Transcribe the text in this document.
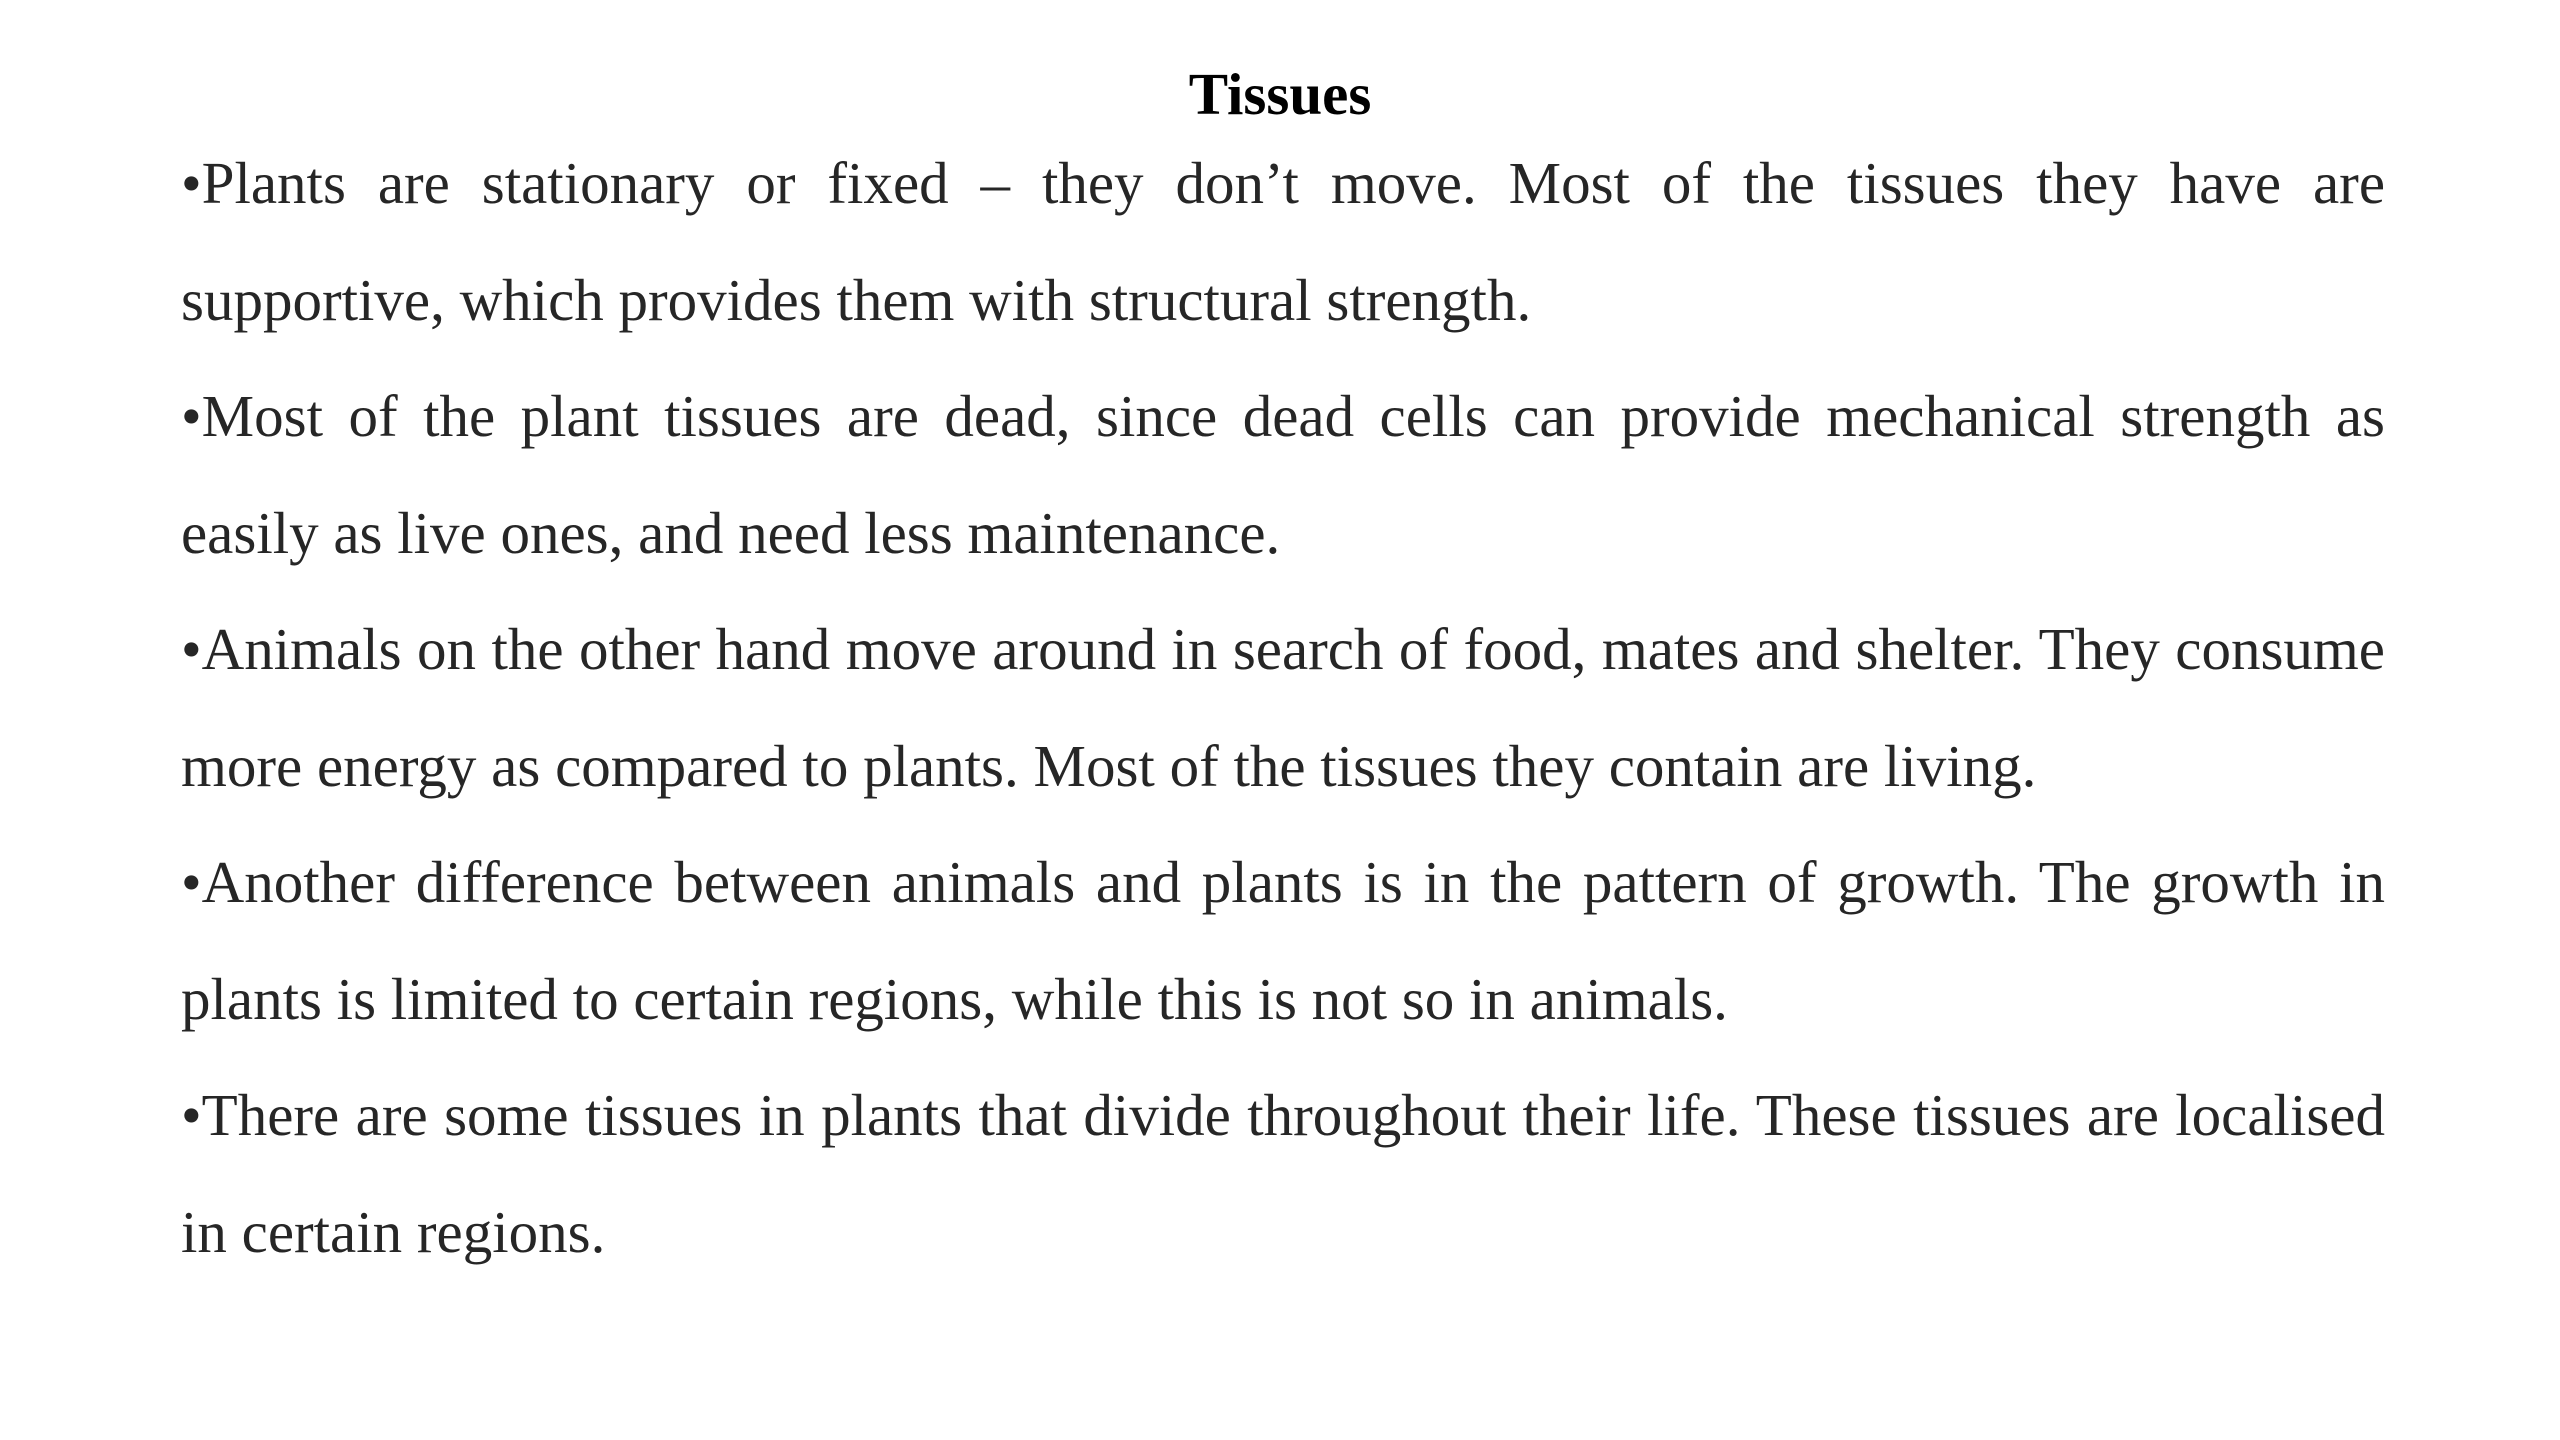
Tissues

•Plants are stationary or fixed – they don’t move. Most of the tissues they have are supportive, which provides them with structural strength.

•Most of the plant tissues are dead, since dead cells can provide mechanical strength as easily as live ones, and need less maintenance.

•Animals on the other hand move around in search of food, mates and shelter. They consume more energy as compared to plants. Most of the tissues they contain are living.

•Another difference between animals and plants is in the pattern of growth. The growth in plants is limited to certain regions, while this is not so in animals.

•There are some tissues in plants that divide throughout their life. These tissues are localised in certain regions.
